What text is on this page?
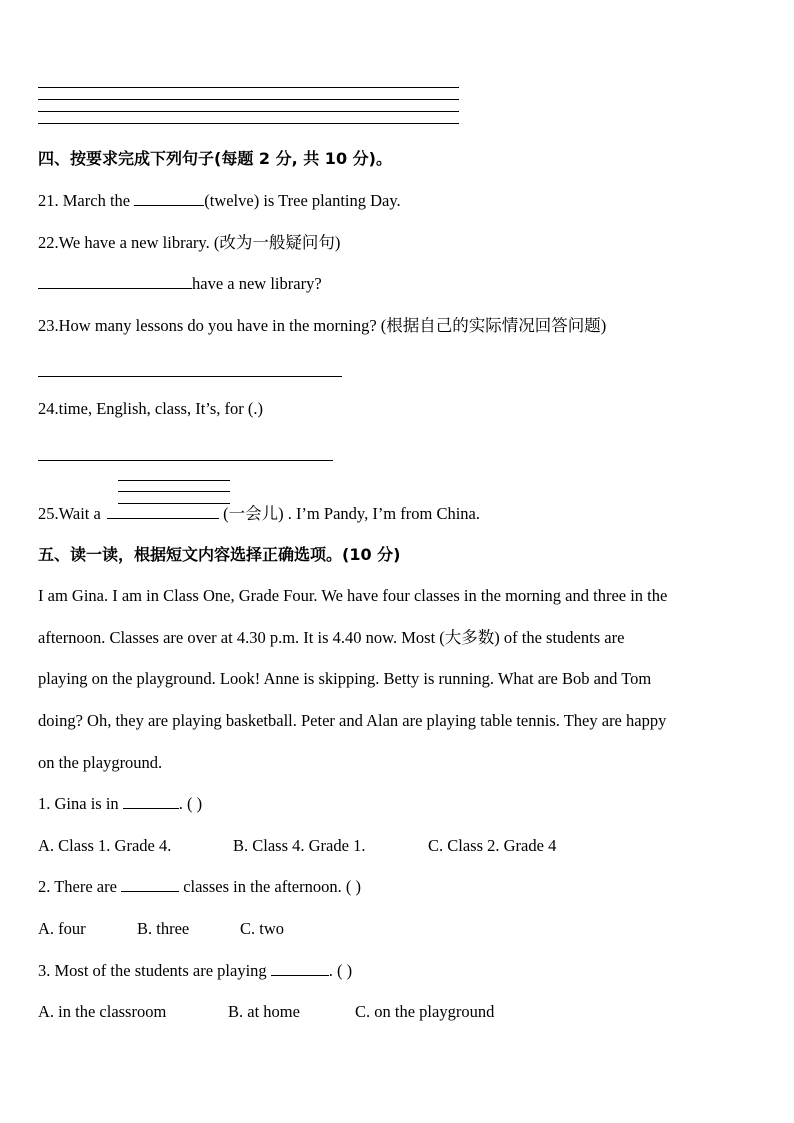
四、按要求完成下列句子(每题 2 分, 共 10 分)。
21. March the	(twelve) is Tree planting Day.
22.We have a new library. (改为一般疑问句)
have a new library?
23.How many lessons do you have in the morning? (根据自己的实际情况回答问题)
24.time, English, class, It’s, for (.)
25.Wait a	(一会儿) . I’m Pandy, I’m from China.
五、读一读，根据短文内容选择正确选项。(10 分)
I am Gina. I am in Class One, Grade Four. We have four classes in the morning and three in the
afternoon. Classes are over at 4.30 p.m. It is 4.40 now. Most (大多数) of the students are
playing on the playground. Look! Anne is skipping. Betty is running. What are Bob and Tom
doing? Oh, they are playing basketball. Peter and Alan are playing table tennis. They are happy
on the playground.
1. Gina is in	. ( )
A. Class 1. Grade 4.	B. Class 4. Grade 1.	C. Class 2. Grade 4
2. There are	classes in the afternoon. ( )
A. four	B. three	C. two
3. Most of the students are playing	. ( )
A. in the classroom	B. at home	C. on the playground
